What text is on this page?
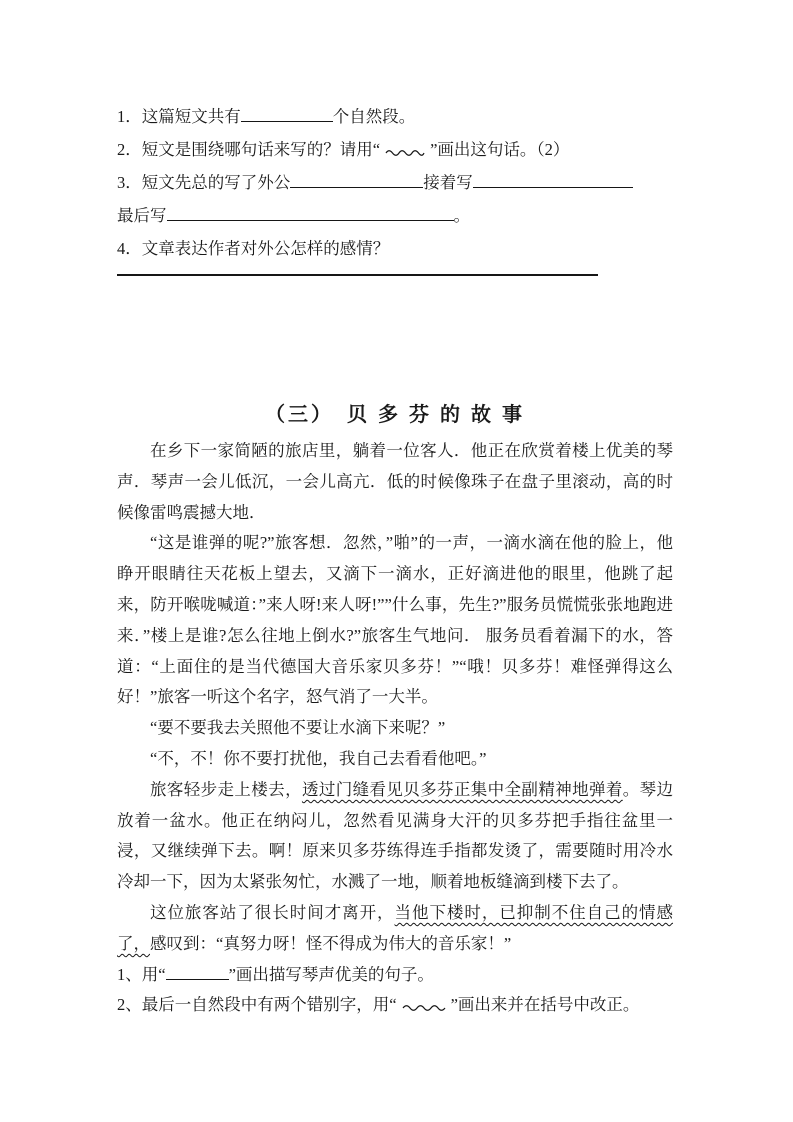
1．这篇短文共有	个自然段。
2．短文是围绕哪句话来写的？请用“	”画出这句话。（2）
3．短文先总的写了外公	接着写
最后写	。
4．文章表达作者对外公怎样的感情？
（三）　贝 多 芬 的 故 事

在乡下一家简陋的旅店里，躺着一位客人．他正在欣赏着楼上优美的琴声．琴声一会儿低沉，一会儿高亢．低的时候像珠子在盘子里滚动，高的时候像雷鸣震撼大地．

“这是谁弹的呢?”旅客想．忽然，”啪”的一声，一滴水滴在他的脸上，他睁开眼睛往天花板上望去，又滴下一滴水，正好滴进他的眼里，他跳了起来，防开喉咙喊道：”来人呀!来人呀!””什么事，先生?”服务员慌慌张张地跑进来．”楼上是谁?怎么往地上倒水?”旅客生气地问． 服务员看着漏下的水，答道：“上面住的是当代德国大音乐家贝多芬！”“哦！贝多芬！难怪弹得这么好！”旅客一听这个名字，怒气消了一大半。

“要不要我去关照他不要让水滴下来呢？”

“不，不！你不要打扰他，我自己去看看他吧。”

旅客轻步走上楼去，透过门缝看见贝多芬正集中全副精神地弹着。琴边放着一盆水。他正在纳闷儿，忽然看见满身大汗的贝多芬把手指往盆里一浸，又继续弹下去。啊！原来贝多芬练得连手指都发烫了，需要随时用冷水冷却一下，因为太紧张匆忙，水溅了一地，顺着地板缝滴到楼下去了。

这位旅客站了很长时间才离开，当他下楼时，已抑制不住自己的情感了，感叹到：“真努力呀！怪不得成为伟大的音乐家！”

1、用“	”画出描写琴声优美的句子。
2、最后一自然段中有两个错别字，用“	”画出来并在括号中改正。
